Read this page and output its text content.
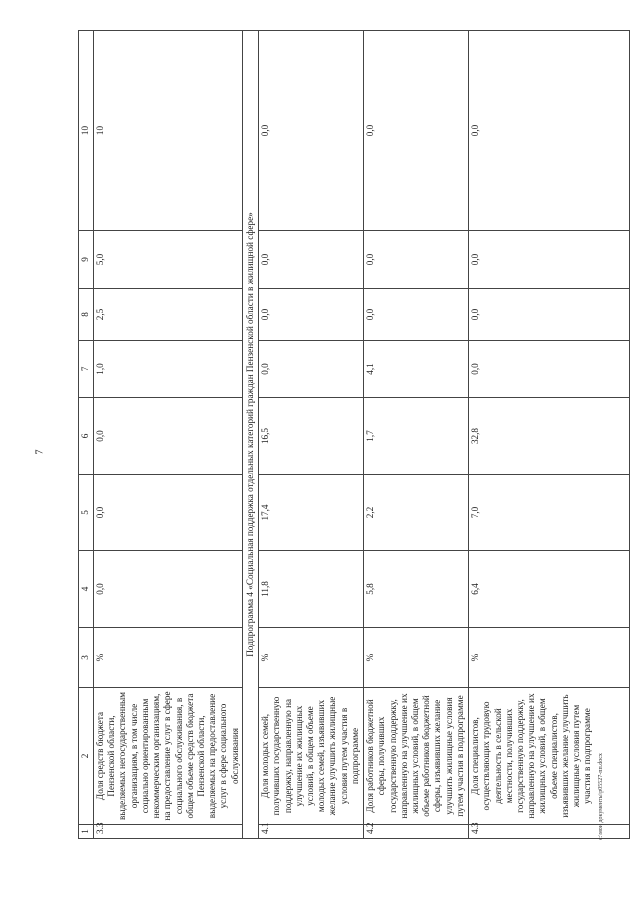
7
1	2	3	4	5	6	7	8	9	10
3.3	Доля средств бюджета Пензенской области, выделяемых негосударственным организациям, в том числе социально ориентированным некоммерческим организациям, на предоставление услуг в сфере социального обслуживания, в общем объеме средств бюджета Пензенской области, выделяемых на предоставление услуг в сфере социального обслуживания	%	0,0	0,0	0,0	1,0	2,5	5,0	10
Подпрограмма 4 «Социальная поддержка отдельных категорий граждан Пензенской области в жилищной сфере»									
4.1	Доля молодых семей, получивших государственную поддержку, направленную на улучшение их жилищных условий, в общем объеме молодых семей, изъявивших желание улучшить жилищные условия путем участия в подпрограмме	%	11,8	17,4	16,5	0,0	0,0	0,0	0,0
4.2	Доля работников бюджетной сферы, получивших государственную поддержку, направленную на улучшение их жилищных условий, в общем объеме работников бюджетной сферы, изъявивших желание улучшить жилищные условия путем участия в подпрограмме	%	5,8	2,2	1,7	4,1	0,0	0,0	0,0
4.3	Доля специалистов, осуществляющих трудовую деятельность в сельской местности, получивших государственную поддержку, направленную на улучшение их жилищных условий, в общем объеме специалистов, изъявивших желание улучшить жилищные условия путем участия в подпрограмме	%	6,4	7,0	32,8	0,0	0,0	0,0	0,0
c:\мои документы\p05527-пп.docx
